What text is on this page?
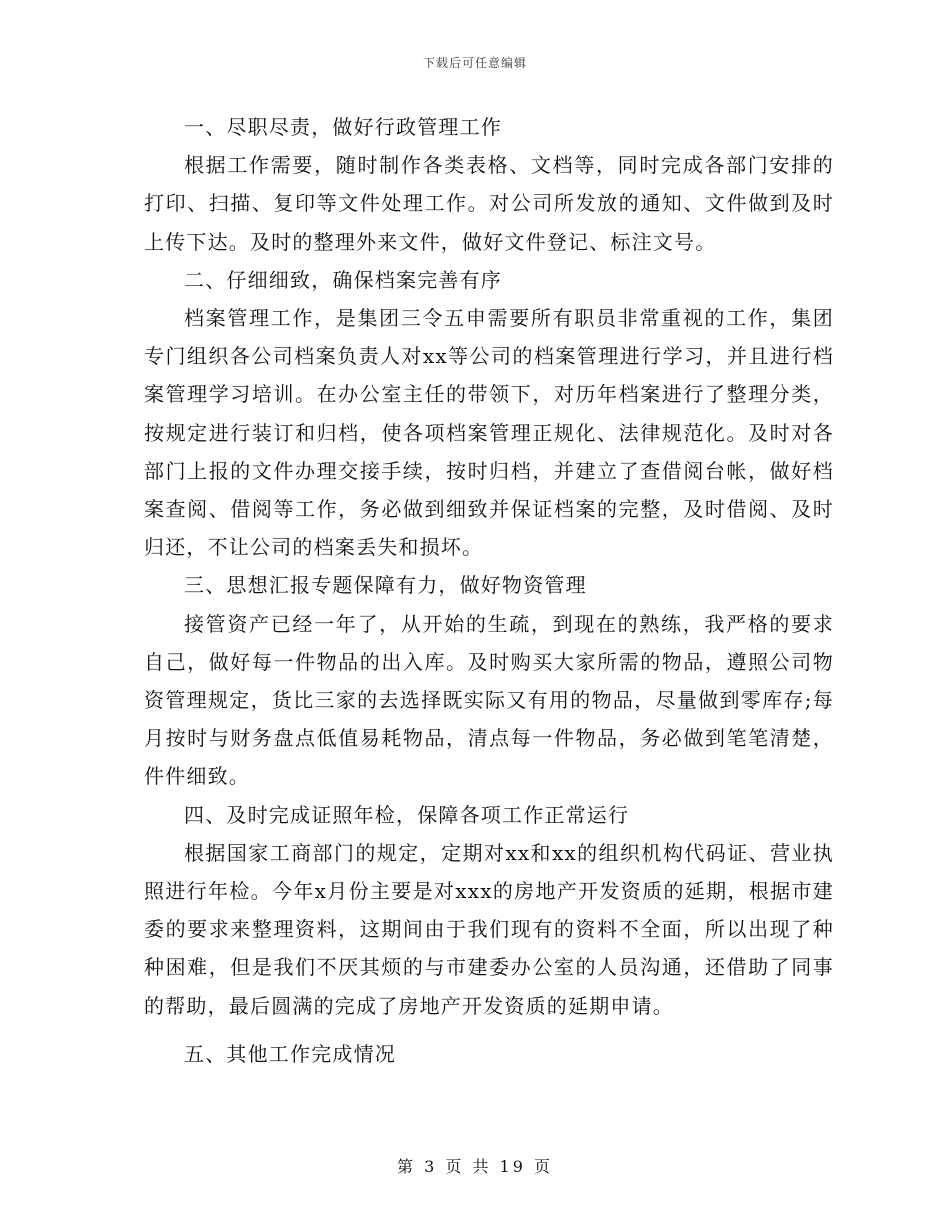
下载后可任意编辑

一、尽职尽责，做好行政管理工作

根据工作需要，随时制作各类表格、文档等，同时完成各部门安排的打印、扫描、复印等文件处理工作。对公司所发放的通知、文件做到及时上传下达。及时的整理外来文件，做好文件登记、标注文号。

二、仔细细致，确保档案完善有序

档案管理工作，是集团三令五申需要所有职员非常重视的工作，集团专门组织各公司档案负责人对xx等公司的档案管理进行学习，并且进行档案管理学习培训。在办公室主任的带领下，对历年档案进行了整理分类，按规定进行装订和归档，使各项档案管理正规化、法律规范化。及时对各部门上报的文件办理交接手续，按时归档，并建立了查借阅台帐，做好档案查阅、借阅等工作，务必做到细致并保证档案的完整，及时借阅、及时归还，不让公司的档案丢失和损坏。

三、思想汇报专题保障有力，做好物资管理

接管资产已经一年了，从开始的生疏，到现在的熟练，我严格的要求自己，做好每一件物品的出入库。及时购买大家所需的物品，遵照公司物资管理规定，货比三家的去选择既实际又有用的物品，尽量做到零库存;每月按时与财务盘点低值易耗物品，清点每一件物品，务必做到笔笔清楚，件件细致。

四、及时完成证照年检，保障各项工作正常运行

根据国家工商部门的规定，定期对xx和xx的组织机构代码证、营业执照进行年检。今年x月份主要是对xxx的房地产开发资质的延期，根据市建委的要求来整理资料，这期间由于我们现有的资料不全面，所以出现了种种困难，但是我们不厌其烦的与市建委办公室的人员沟通，还借助了同事的帮助，最后圆满的完成了房地产开发资质的延期申请。

五、其他工作完成情况

第 3 页 共 19 页
